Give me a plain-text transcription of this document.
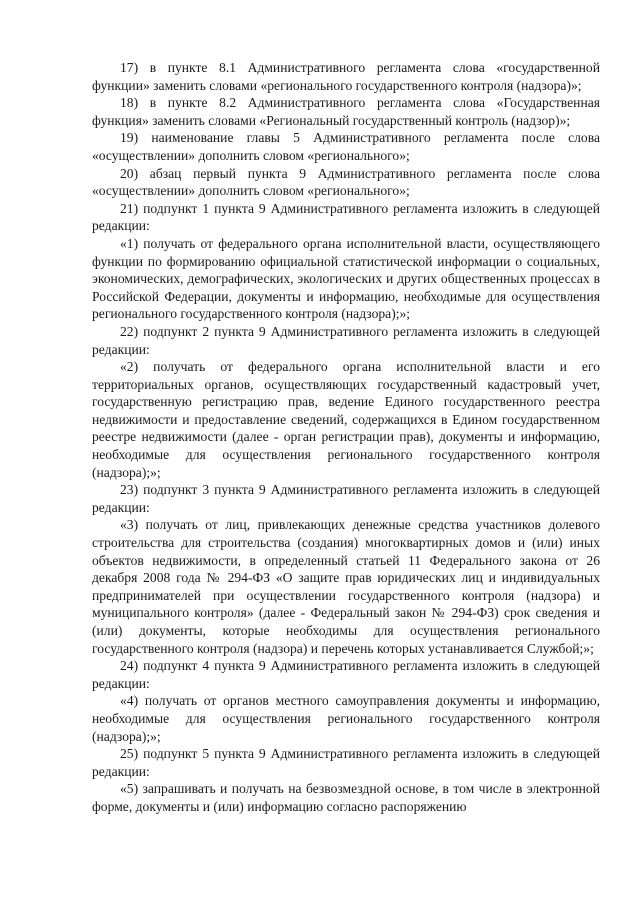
17) в пункте 8.1 Административного регламента слова «государственной функции» заменить словами «регионального государственного контроля (надзора)»;

18) в пункте 8.2 Административного регламента слова «Государственная функция» заменить словами «Региональный государственный контроль (надзор)»;

19) наименование главы 5 Административного регламента после слова «осуществлении» дополнить словом «регионального»;

20) абзац первый пункта 9 Административного регламента после слова «осуществлении» дополнить словом «регионального»;

21) подпункт 1 пункта 9 Административного регламента изложить в следующей редакции:

«1) получать от федерального органа исполнительной власти, осуществляющего функции по формированию официальной статистической информации о социальных, экономических, демографических, экологических и других общественных процессах в Российской Федерации, документы и информацию, необходимые для осуществления регионального государственного контроля (надзора);»;

22) подпункт 2 пункта 9 Административного регламента изложить в следующей редакции:

«2) получать от федерального органа исполнительной власти и его территориальных органов, осуществляющих государственный кадастровый учет, государственную регистрацию прав, ведение Единого государственного реестра недвижимости и предоставление сведений, содержащихся в Едином государственном реестре недвижимости (далее - орган регистрации прав), документы и информацию, необходимые для осуществления регионального государственного контроля (надзора);»;

23) подпункт 3 пункта 9 Административного регламента изложить в следующей редакции:

«3) получать от лиц, привлекающих денежные средства участников долевого строительства для строительства (создания) многоквартирных домов и (или) иных объектов недвижимости, в определенный статьей 11 Федерального закона от 26 декабря 2008 года № 294-ФЗ «О защите прав юридических лиц и индивидуальных предпринимателей при осуществлении государственного контроля (надзора) и муниципального контроля» (далее - Федеральный закон № 294-ФЗ) срок сведения и (или) документы, которые необходимы для осуществления регионального государственного контроля (надзора) и перечень которых устанавливается Службой;»;

24) подпункт 4 пункта 9 Административного регламента изложить в следующей редакции:

«4) получать от органов местного самоуправления документы и информацию, необходимые для осуществления регионального государственного контроля (надзора);»;

25) подпункт 5 пункта 9 Административного регламента изложить в следующей редакции:

«5) запрашивать и получать на безвозмездной основе, в том числе в электронной форме, документы и (или) информацию согласно распоряжению
